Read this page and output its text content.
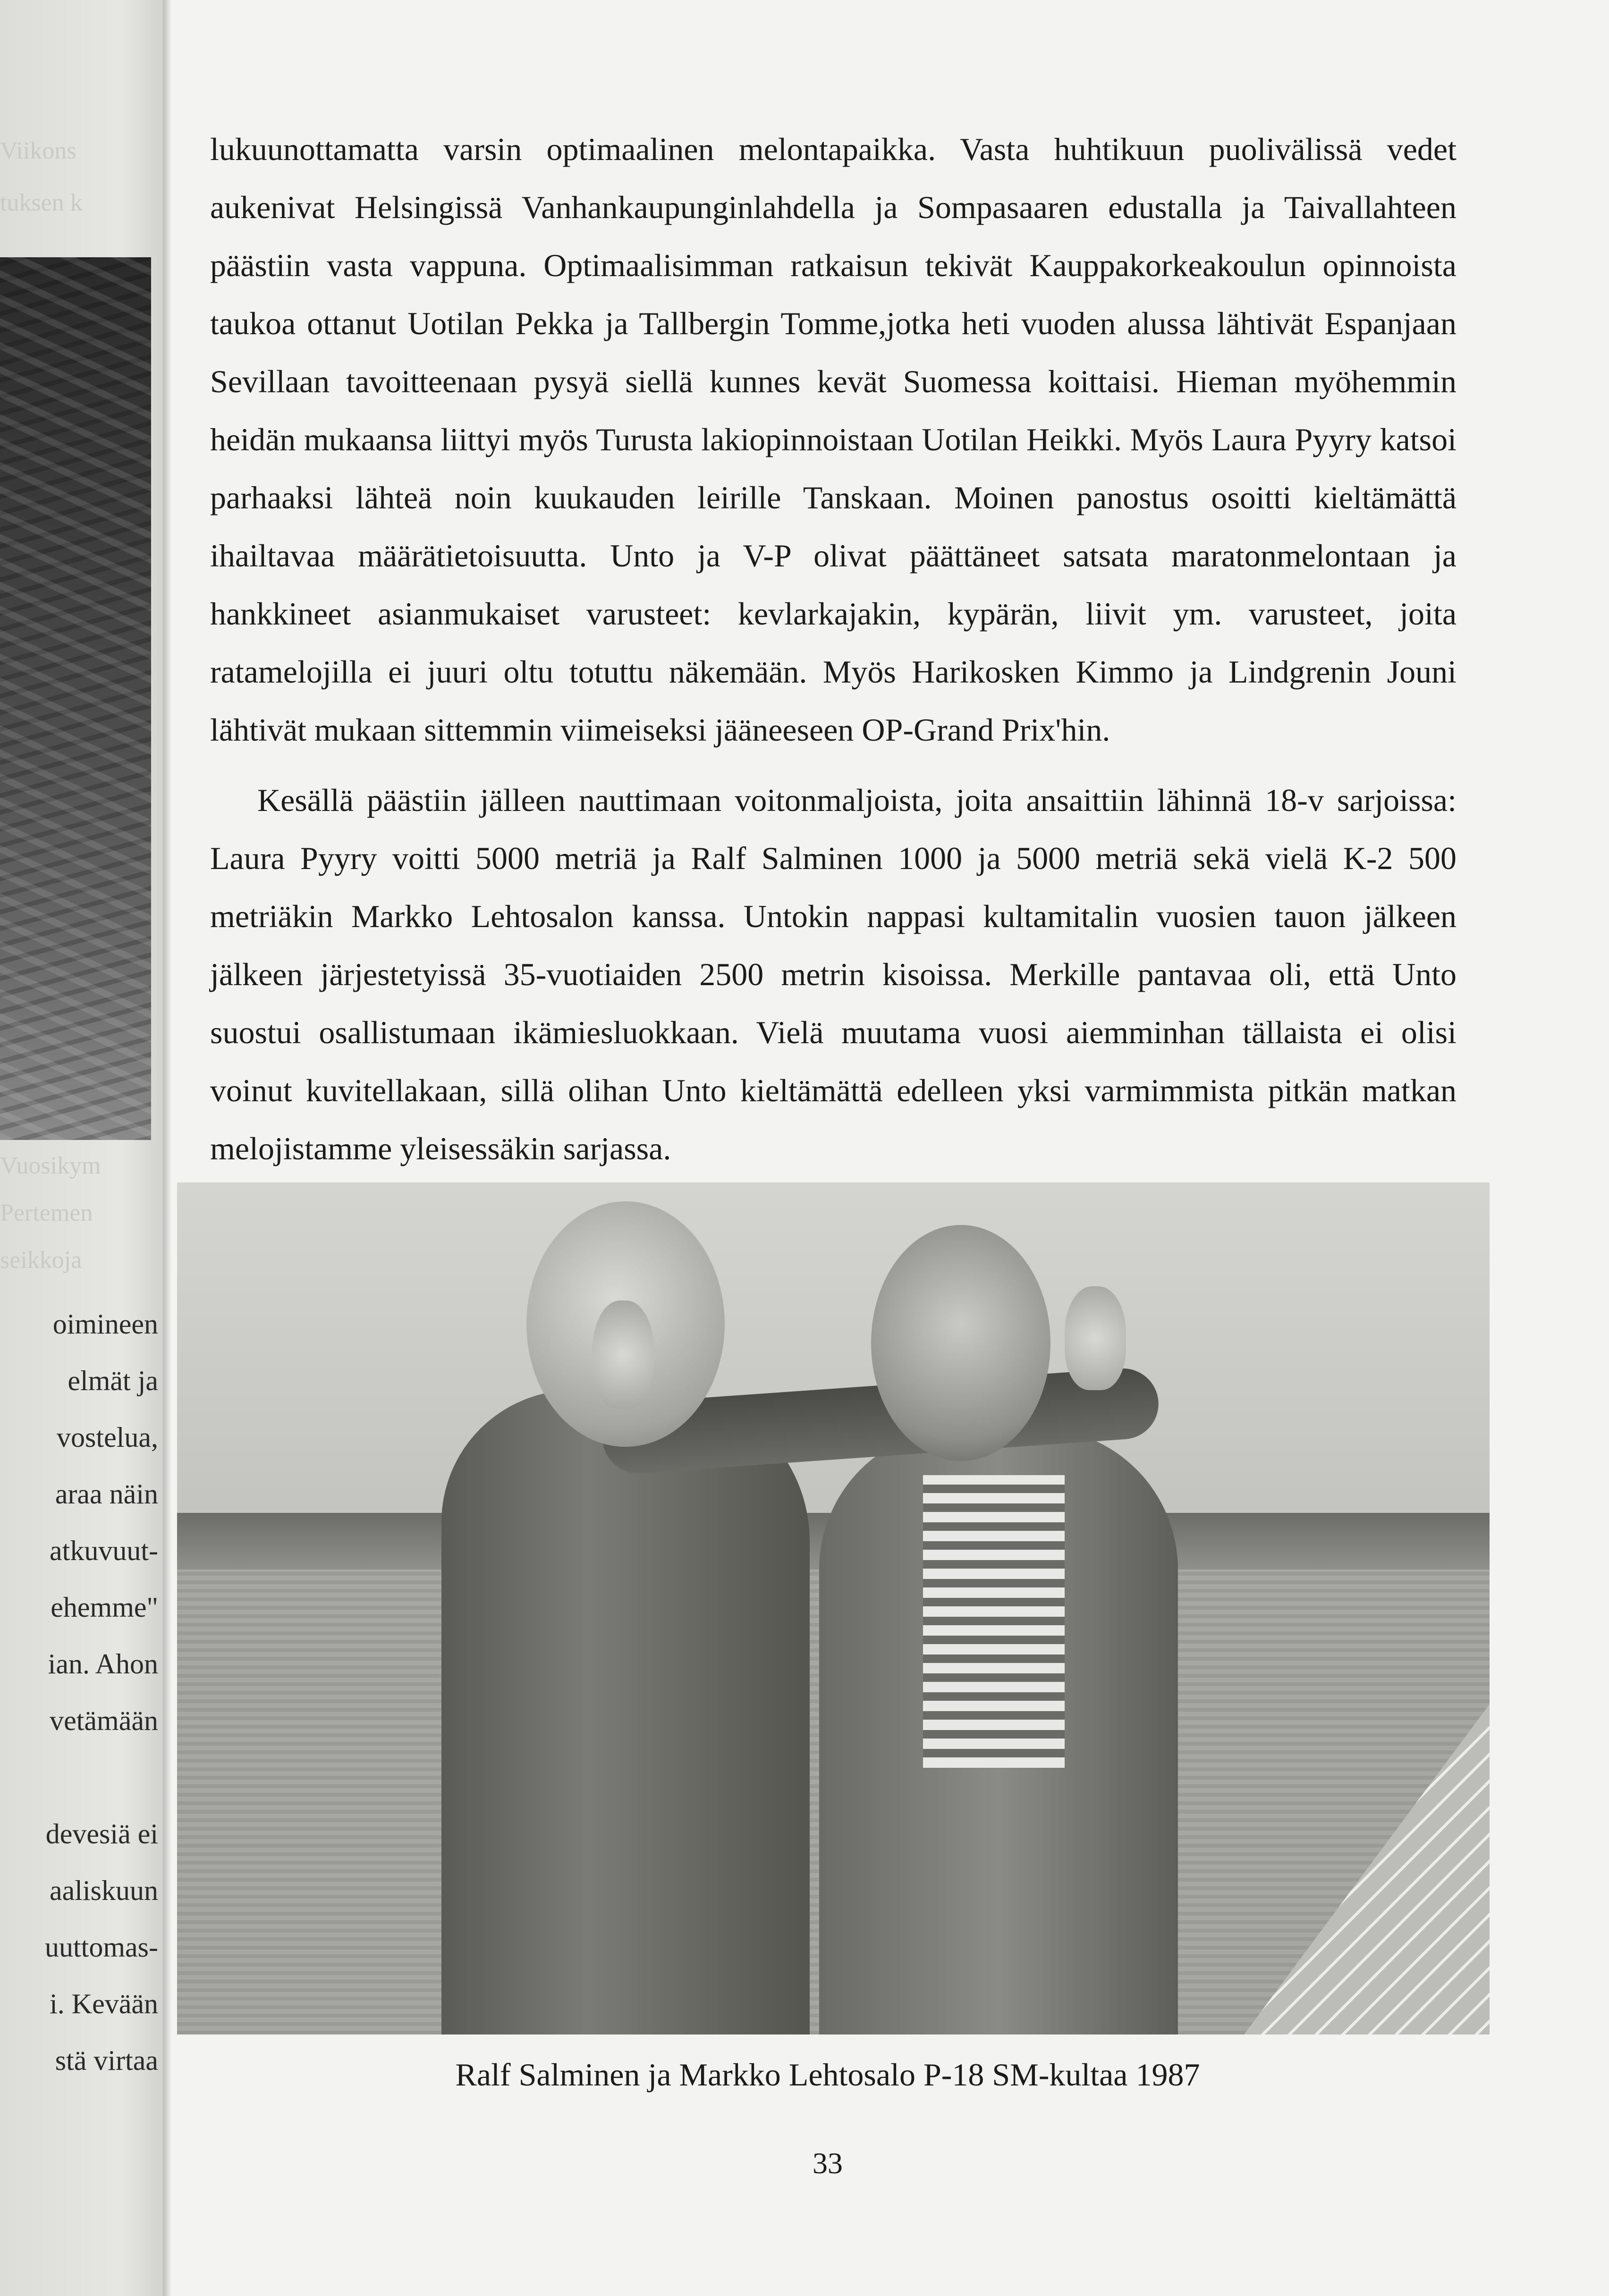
Viikons
tuksen k
Vuosikym
Pertemen
seikkoja
oimineen
elmät ja
vostelua,
araa näin
atkuvuut-
ehemme"
ian. Ahon
vetämään

devesiä ei
aaliskuun
uuttomas-
i. Kevään
stä virtaa

lukuunottamatta varsin optimaalinen melontapaikka. Vasta huhtikuun puolivälissä vedet aukenivat Helsingissä Vanhankaupunginlahdella ja Sompasaaren edustalla ja Taivallahteen päästiin vasta vappuna. Optimaalisimman ratkaisun tekivät Kauppakorkeakoulun opinnoista taukoa ottanut Uotilan Pekka ja Tallbergin Tomme,jotka heti vuoden alussa lähtivät Espanjaan Sevillaan tavoitteenaan pysyä siellä kunnes kevät Suomessa koittaisi. Hieman myöhemmin heidän mukaansa liittyi myös Turusta lakiopinnoistaan Uotilan Heikki. Myös Laura Pyyry katsoi parhaaksi lähteä noin kuukauden leirille Tanskaan. Moinen panostus osoitti kieltämättä ihailtavaa määrätietoisuutta. Unto ja V-P olivat päättäneet satsata maratonmelontaan ja hankkineet asianmukaiset varusteet: kevlarkajakin, kypärän, liivit ym. varusteet, joita ratamelojilla ei juuri oltu totuttu näkemään. Myös Harikosken Kimmo ja Lindgrenin Jouni lähtivät mukaan sittemmin viimeiseksi jääneeseen OP-Grand Prix'hin.

Kesällä päästiin jälleen nauttimaan voitonmaljoista, joita ansaittiin lähinnä 18-v sarjoissa: Laura Pyyry voitti 5000 metriä ja Ralf Salminen 1000 ja 5000 metriä sekä vielä K-2 500 metriäkin Markko Lehtosalon kanssa. Untokin nappasi kultamitalin vuosien tauon jälkeen jälkeen järjestetyissä 35-vuotiaiden 2500 metrin kisoissa. Merkille pantavaa oli, että Unto suostui osallistumaan ikämiesluokkaan. Vielä muutama vuosi aiemminhan tällaista ei olisi voinut kuvitellakaan, sillä olihan Unto kieltämättä edelleen yksi varmimmista pitkän matkan melojistamme yleisessäkin sarjassa.

Ralf Salminen ja Markko Lehtosalo P-18 SM-kultaa 1987
33
